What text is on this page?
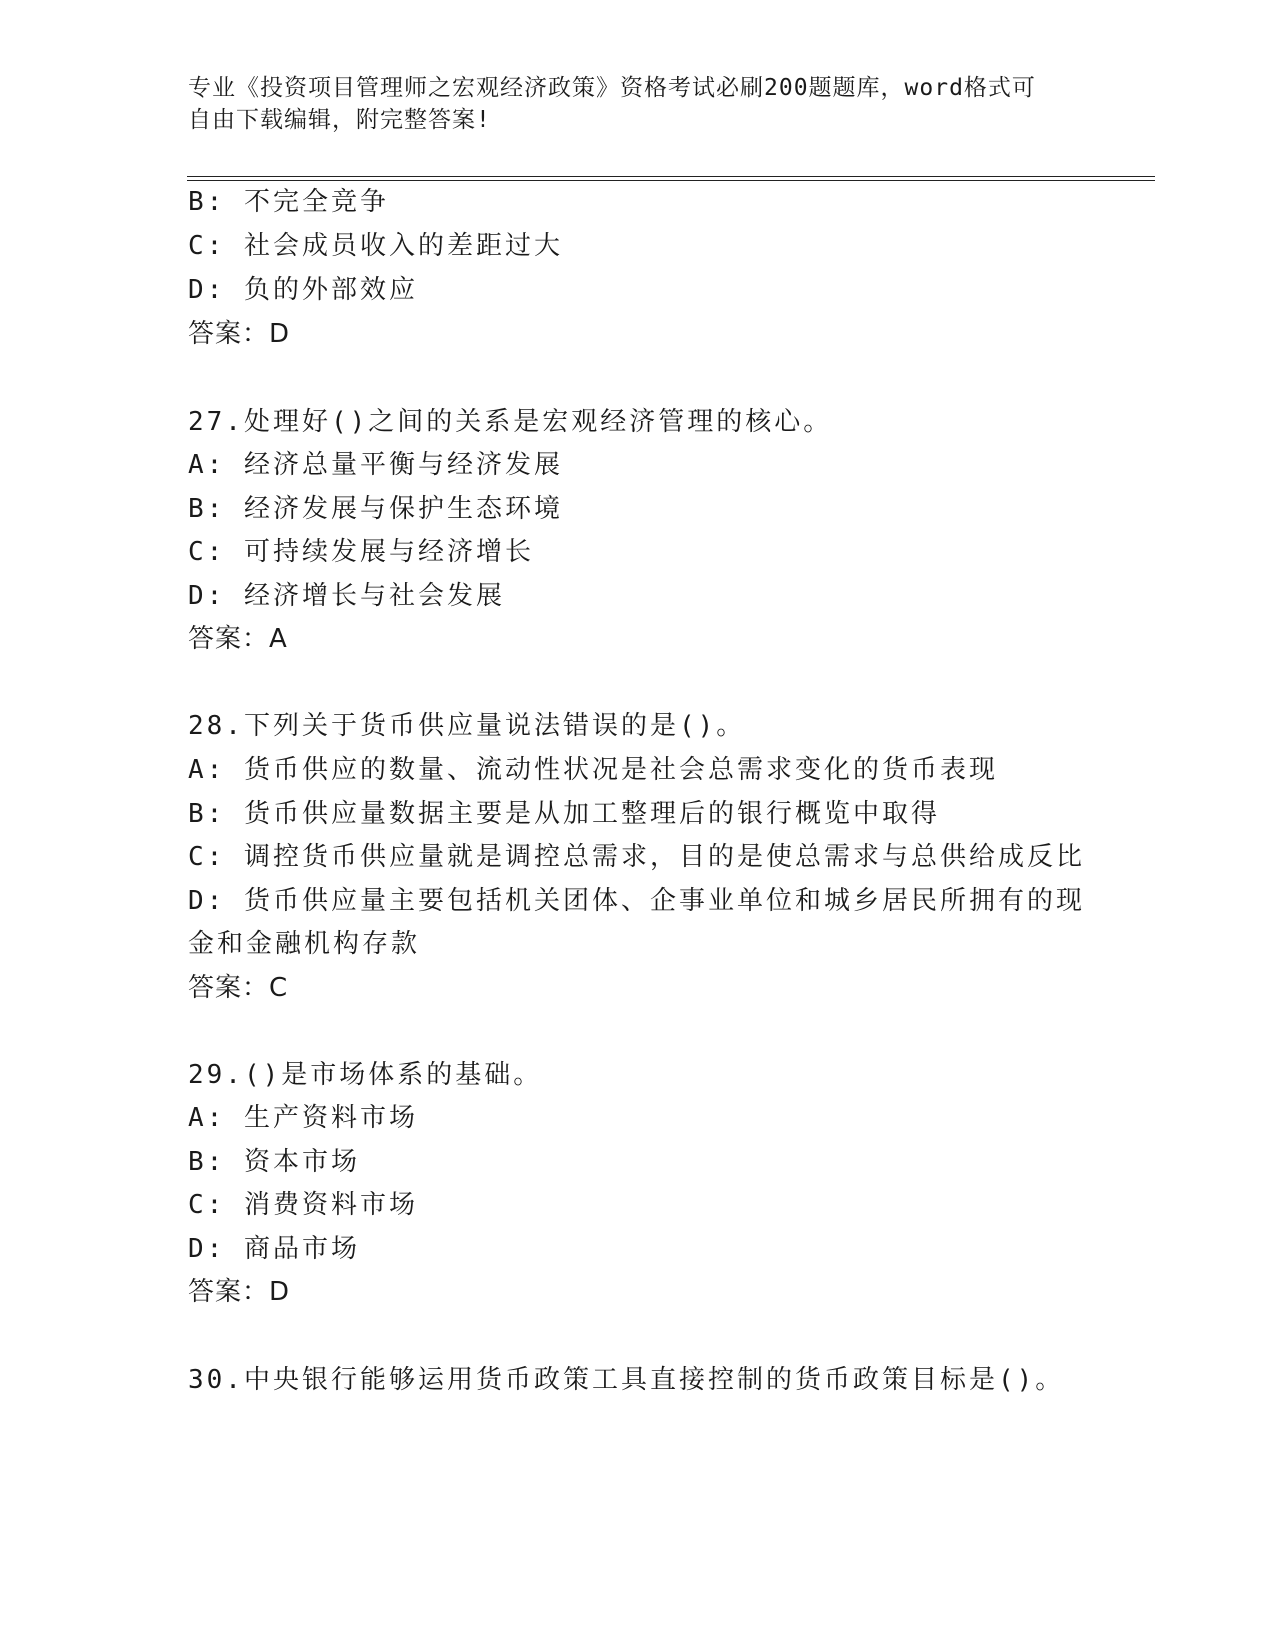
专业《投资项目管理师之宏观经济政策》资格考试必刷200题题库，word格式可
自由下载编辑，附完整答案!
B: 不完全竞争
C: 社会成员收入的差距过大
D: 负的外部效应
答案：D
27.处理好()之间的关系是宏观经济管理的核心。
A: 经济总量平衡与经济发展
B: 经济发展与保护生态环境
C: 可持续发展与经济增长
D: 经济增长与社会发展
答案：A
28.下列关于货币供应量说法错误的是()。
A: 货币供应的数量、流动性状况是社会总需求变化的货币表现
B: 货币供应量数据主要是从加工整理后的银行概览中取得
C: 调控货币供应量就是调控总需求，目的是使总需求与总供给成反比
D: 货币供应量主要包括机关团体、企事业单位和城乡居民所拥有的现
金和金融机构存款
答案：C
29.()是市场体系的基础。
A: 生产资料市场
B: 资本市场
C: 消费资料市场
D: 商品市场
答案：D
30.中央银行能够运用货币政策工具直接控制的货币政策目标是()。
